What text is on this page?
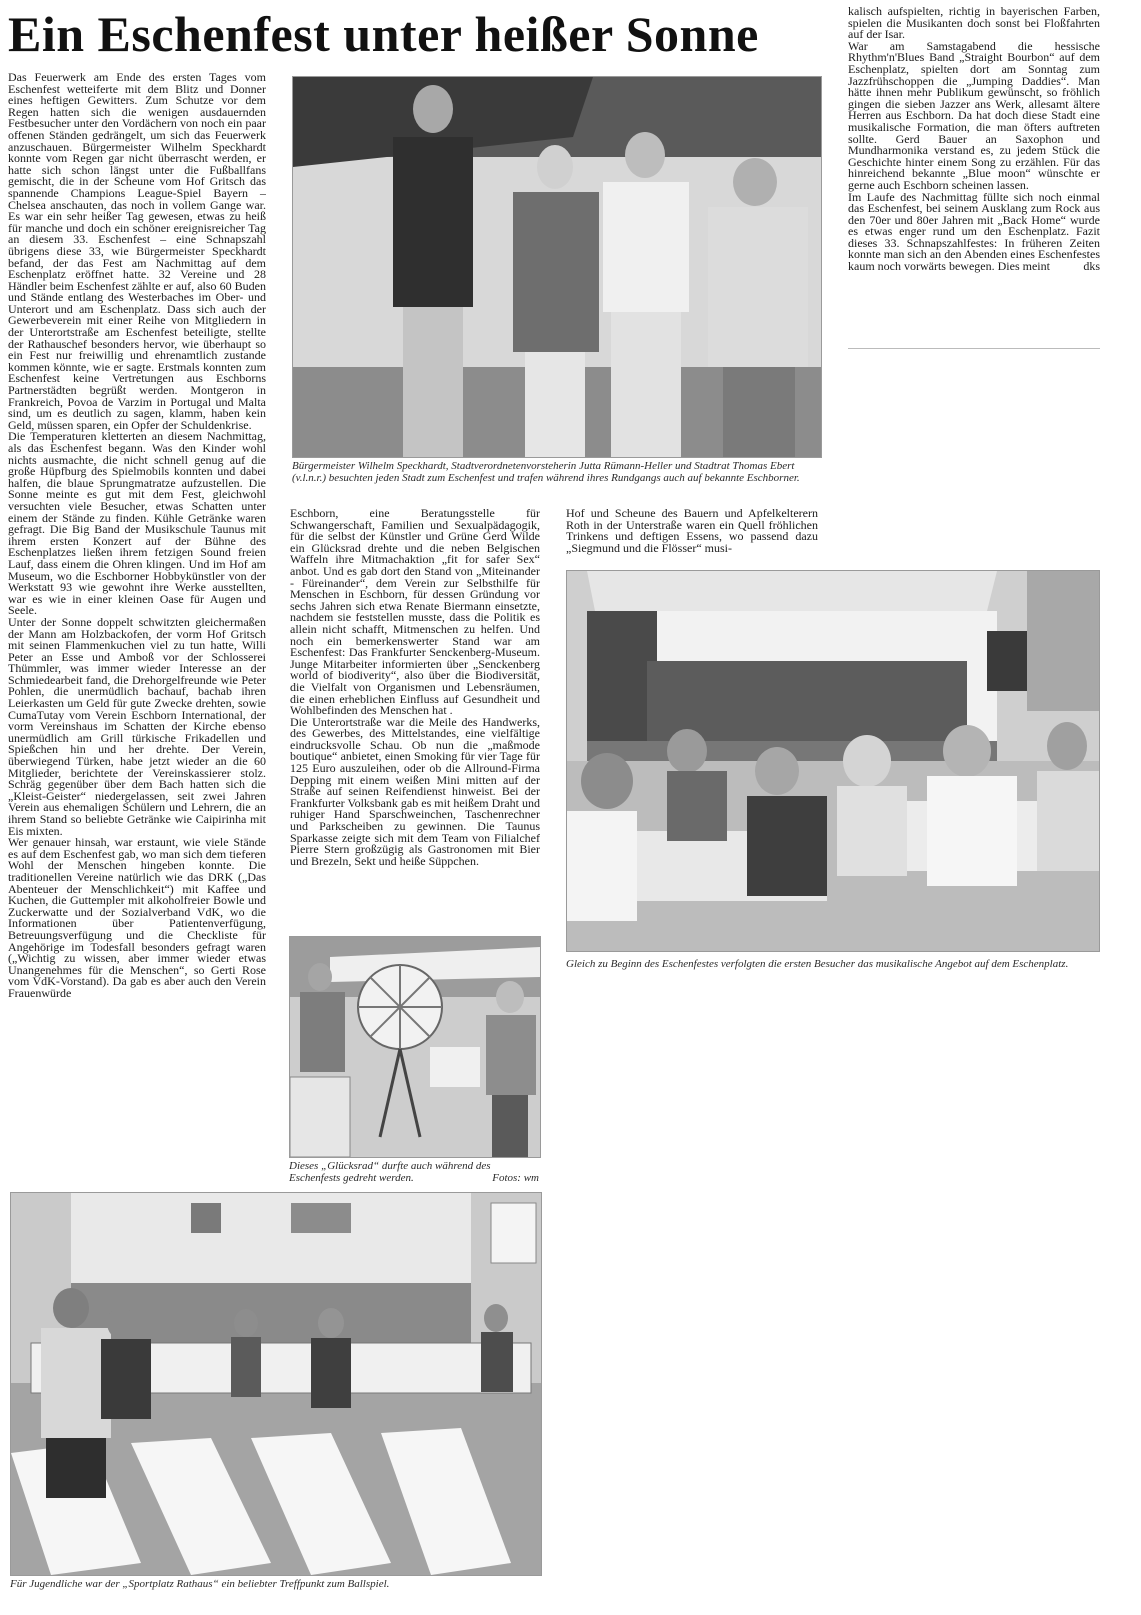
Ein Eschenfest unter heißer Sonne

Das Feuerwerk am Ende des ersten Tages vom Eschenfest wetteiferte mit dem Blitz und Donner eines heftigen Gewitters. Zum Schutze vor dem Regen hatten sich die wenigen ausdauernden Festbesucher unter den Vordächern von noch ein paar offenen Ständen gedrängelt, um sich das Feuerwerk anzuschauen. Bürgermeister Wilhelm Speckhardt konnte vom Regen gar nicht überrascht werden, er hatte sich schon längst unter die Fußballfans gemischt, die in der Scheune vom Hof Gritsch das spannende Champions League-Spiel Bayern – Chelsea anschauten, das noch in vollem Gange war. Es war ein sehr heißer Tag gewesen, etwas zu heiß für manche und doch ein schöner ereignisreicher Tag an diesem 33. Eschenfest – eine Schnapszahl übrigens diese 33, wie Bürgermeister Speckhardt befand, der das Fest am Nachmittag auf dem Eschenplatz eröffnet hatte. 32 Vereine und 28 Händler beim Eschenfest zählte er auf, also 60 Buden und Stände entlang des Westerbaches im Ober- und Unterort und am Eschenplatz. Dass sich auch der Gewerbeverein mit einer Reihe von Mitgliedern in der Unterortstraße am Eschenfest beteiligte, stellte der Rathauschef besonders hervor, wie überhaupt so ein Fest nur freiwillig und ehrenamtlich zustande kommen könnte, wie er sagte. Erstmals konnten zum Eschenfest keine Vertretungen aus Eschborns Partnerstädten begrüßt werden. Montgeron in Frankreich, Povoa de Varzim in Portugal und Malta sind, um es deutlich zu sagen, klamm, haben kein Geld, müssen sparen, ein Opfer der Schuldenkrise.

Die Temperaturen kletterten an diesem Nachmittag, als das Eschenfest begann. Was den Kinder wohl nichts ausmachte, die nicht schnell genug auf die große Hüpfburg des Spielmobils konnten und dabei halfen, die blaue Sprungmatratze aufzustellen. Die Sonne meinte es gut mit dem Fest, gleichwohl versuchten viele Besucher, etwas Schatten unter einem der Stände zu finden. Kühle Getränke waren gefragt. Die Big Band der Musikschule Taunus mit ihrem ersten Konzert auf der Bühne des Eschenplatzes ließen ihrem fetzigen Sound freien Lauf, dass einem die Ohren klingen. Und im Hof am Museum, wo die Eschborner Hobbykünstler von der Werkstatt 93 wie gewohnt ihre Werke ausstellten, war es wie in einer kleinen Oase für Augen und Seele.

Unter der Sonne doppelt schwitzten gleichermaßen der Mann am Holzbackofen, der vorm Hof Gritsch mit seinen Flammenkuchen viel zu tun hatte, Willi Peter an Esse und Amboß vor der Schlosserei Thümmler, was immer wieder Interesse an der Schmiedearbeit fand, die Drehorgelfreunde wie Peter Pohlen, die unermüdlich bachauf, bachab ihren Leierkasten um Geld für gute Zwecke drehten, sowie CumaTutay vom Verein Eschborn International, der vorm Vereinshaus im Schatten der Kirche ebenso unermüdlich am Grill türkische Frikadellen und Spießchen hin und her drehte. Der Verein, überwiegend Türken, habe jetzt wieder an die 60 Mitglieder, berichtete der Vereinskassierer stolz. Schräg gegenüber über dem Bach hatten sich die „Kleist-Geister“ niedergelassen, seit zwei Jahren Verein aus ehemaligen Schülern und Lehrern, die an ihrem Stand so beliebte Getränke wie Caipirinha mit Eis mixten.

Wer genauer hinsah, war erstaunt, wie viele Stände es auf dem Eschenfest gab, wo man sich dem tieferen Wohl der Menschen hingeben konnte. Die traditionellen Vereine natürlich wie das DRK („Das Abenteuer der Menschlichkeit“) mit Kaffee und Kuchen, die Guttempler mit alkoholfreier Bowle und Zuckerwatte und der Sozialverband VdK, wo die Informationen über Patientenverfügung, Betreuungsverfügung und die Checkliste für Angehörige im Todesfall besonders gefragt waren („Wichtig zu wissen, aber immer wieder etwas Unangenehmes für die Menschen“, so Gerti Rose vom VdK-Vorstand). Da gab es aber auch den Verein Frauenwürde

Bürgermeister Wilhelm Speckhardt, Stadtverordnetenvorsteherin Jutta Rümann-Heller und Stadtrat Thomas Ebert (v.l.n.r.) besuchten jeden Stadt zum Eschenfest und trafen während ihres Rundgangs auch auf bekannte Eschborner.

kalisch aufspielten, richtig in bayerischen Farben, spielen die Musikanten doch sonst bei Floßfahrten auf der Isar.

War am Samstagabend die hessische Rhythm'n'Blues Band „Straight Bourbon“ auf dem Eschenplatz, spielten dort am Sonntag zum Jazzfrühschoppen die „Jumping Daddies“. Man hätte ihnen mehr Publikum gewünscht, so fröhlich gingen die sieben Jazzer ans Werk, allesamt ältere Herren aus Eschborn. Da hat doch diese Stadt eine musikalische Formation, die man öfters auftreten sollte. Gerd Bauer an Saxophon und Mundharmonika verstand es, zu jedem Stück die Geschichte hinter einem Song zu erzählen. Für das hinreichend bekannte „Blue moon“ wünschte er gerne auch Eschborn scheinen lassen.

Im Laufe des Nachmittag füllte sich noch einmal das Eschenfest, bei seinem Ausklang zum Rock aus den 70er und 80er Jahren mit „Back Home“ wurde es etwas enger rund um den Eschenplatz. Fazit dieses 33. Schnapszahlfestes: In früheren Zeiten konnte man sich an den Abenden eines Eschenfestes kaum noch vorwärts bewegen. Dies meint	dks

Eschborn, eine Beratungsstelle für Schwangerschaft, Familien und Sexualpädagogik, für die selbst der Künstler und Grüne Gerd Wilde ein Glücksrad drehte und die neben Belgischen Waffeln ihre Mitmachaktion „fit for safer Sex“ anbot. Und es gab dort den Stand von „Miteinander - Füreinander“, dem Verein zur Selbsthilfe für Menschen in Eschborn, für dessen Gründung vor sechs Jahren sich etwa Renate Biermann einsetzte, nachdem sie feststellen musste, dass die Politik es allein nicht schafft, Mitmenschen zu helfen. Und noch ein bemerkenswerter Stand war am Eschenfest: Das Frankfurter Senckenberg-Museum. Junge Mitarbeiter informierten über „Senckenberg world of biodiverity“, also über die Biodiversität, die Vielfalt von Organismen und Lebensräumen, die einen erheblichen Einfluss auf Gesundheit und Wohlbefinden des Menschen hat .

Die Unterortstraße war die Meile des Handwerks, des Gewerbes, des Mittelstandes, eine vielfältige eindrucksvolle Schau. Ob nun die „maßmode boutique“ anbietet, einen Smoking für vier Tage für 125 Euro auszuleihen, oder ob die Allround-Firma Depping mit einem weißen Mini mitten auf der Straße auf seinen Reifendienst hinweist. Bei der Frankfurter Volksbank gab es mit heißem Draht und ruhiger Hand Sparschweinchen, Taschenrechner und Parkscheiben zu gewinnen. Die Taunus Sparkasse zeigte sich mit dem Team von Filialchef Pierre Stern großzügig als Gastronomen mit Bier und Brezeln, Sekt und heiße Süppchen.

Hof und Scheune des Bauern und Apfelkelterern Roth in der Unterstraße waren ein Quell fröhlichen Trinkens und deftigen Essens, wo passend dazu „Siegmund und die Flösser“ musi-

Gleich zu Beginn des Eschenfestes verfolgten die ersten Besucher das musikalische Angebot auf dem Eschenplatz.
Dieses „Glücksrad“ durfte auch während des Eschenfests gedreht werden.	Fotos: wm
Für Jugendliche war der „Sportplatz Rathaus“ ein beliebter Treffpunkt zum Ballspiel.
